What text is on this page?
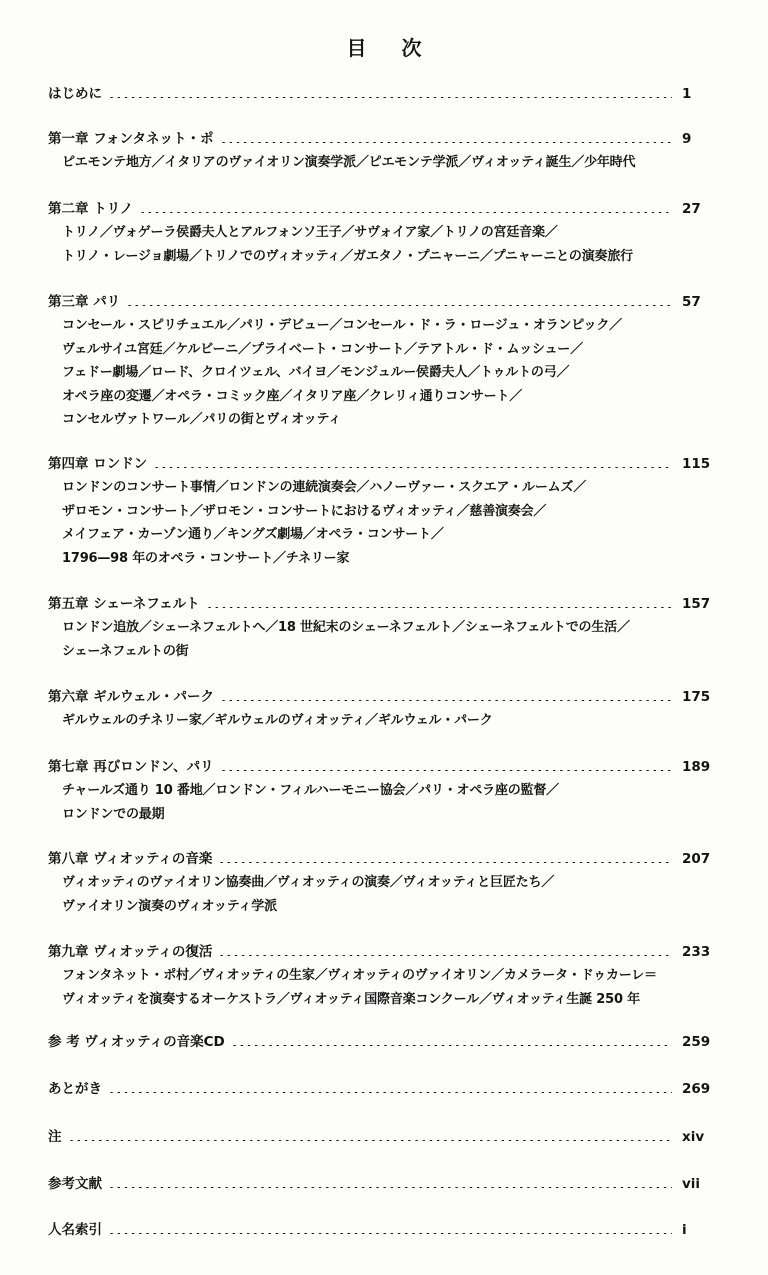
目 次
はじめに	1
第一章 フォンタネット・ポ	9
ピエモンテ地方／イタリアのヴァイオリン演奏学派／ピエモンテ学派／ヴィオッティ誕生／少年時代
第二章 トリノ	27
トリノ／ヴォゲーラ侯爵夫人とアルフォンソ王子／サヴォイア家／トリノの宮廷音楽／
トリノ・レージョ劇場／トリノでのヴィオッティ／ガエタノ・プニャーニ／プニャーニとの演奏旅行
第三章 パリ	57
コンセール・スピリチュエル／パリ・デビュー／コンセール・ド・ラ・ロージュ・オランピック／
ヴェルサイユ宮廷／ケルビーニ／プライベート・コンサート／テアトル・ド・ムッシュー／
フェドー劇場／ロード、クロイツェル、バイヨ／モンジュルー侯爵夫人／トゥルトの弓／
オペラ座の変遷／オペラ・コミック座／イタリア座／クレリィ通りコンサート／
コンセルヴァトワール／パリの街とヴィオッティ
第四章 ロンドン	115
ロンドンのコンサート事情／ロンドンの連続演奏会／ハノーヴァー・スクエア・ルームズ／
ザロモン・コンサート／ザロモン・コンサートにおけるヴィオッティ／慈善演奏会／
メイフェア・カーゾン通り／キングズ劇場／オペラ・コンサート／
1796—98 年のオペラ・コンサート／チネリー家
第五章 シェーネフェルト	157
ロンドン追放／シェーネフェルトへ／18 世紀末のシェーネフェルト／シェーネフェルトでの生活／
シェーネフェルトの街
第六章 ギルウェル・パーク	175
ギルウェルのチネリー家／ギルウェルのヴィオッティ／ギルウェル・パーク
第七章 再びロンドン、パリ	189
チャールズ通り 10 番地／ロンドン・フィルハーモニー協会／パリ・オペラ座の監督／
ロンドンでの最期
第八章 ヴィオッティの音楽	207
ヴィオッティのヴァイオリン協奏曲／ヴィオッティの演奏／ヴィオッティと巨匠たち／
ヴァイオリン演奏のヴィオッティ学派
第九章 ヴィオッティの復活	233
フォンタネット・ポ村／ヴィオッティの生家／ヴィオッティのヴァイオリン／カメラータ・ドゥカーレ＝
ヴィオッティを演奏するオーケストラ／ヴィオッティ国際音楽コンクール／ヴィオッティ生誕 250 年
参 考 ヴィオッティの音楽CD	259
あとがき	269
注	xiv
参考文献	vii
人名索引	i
